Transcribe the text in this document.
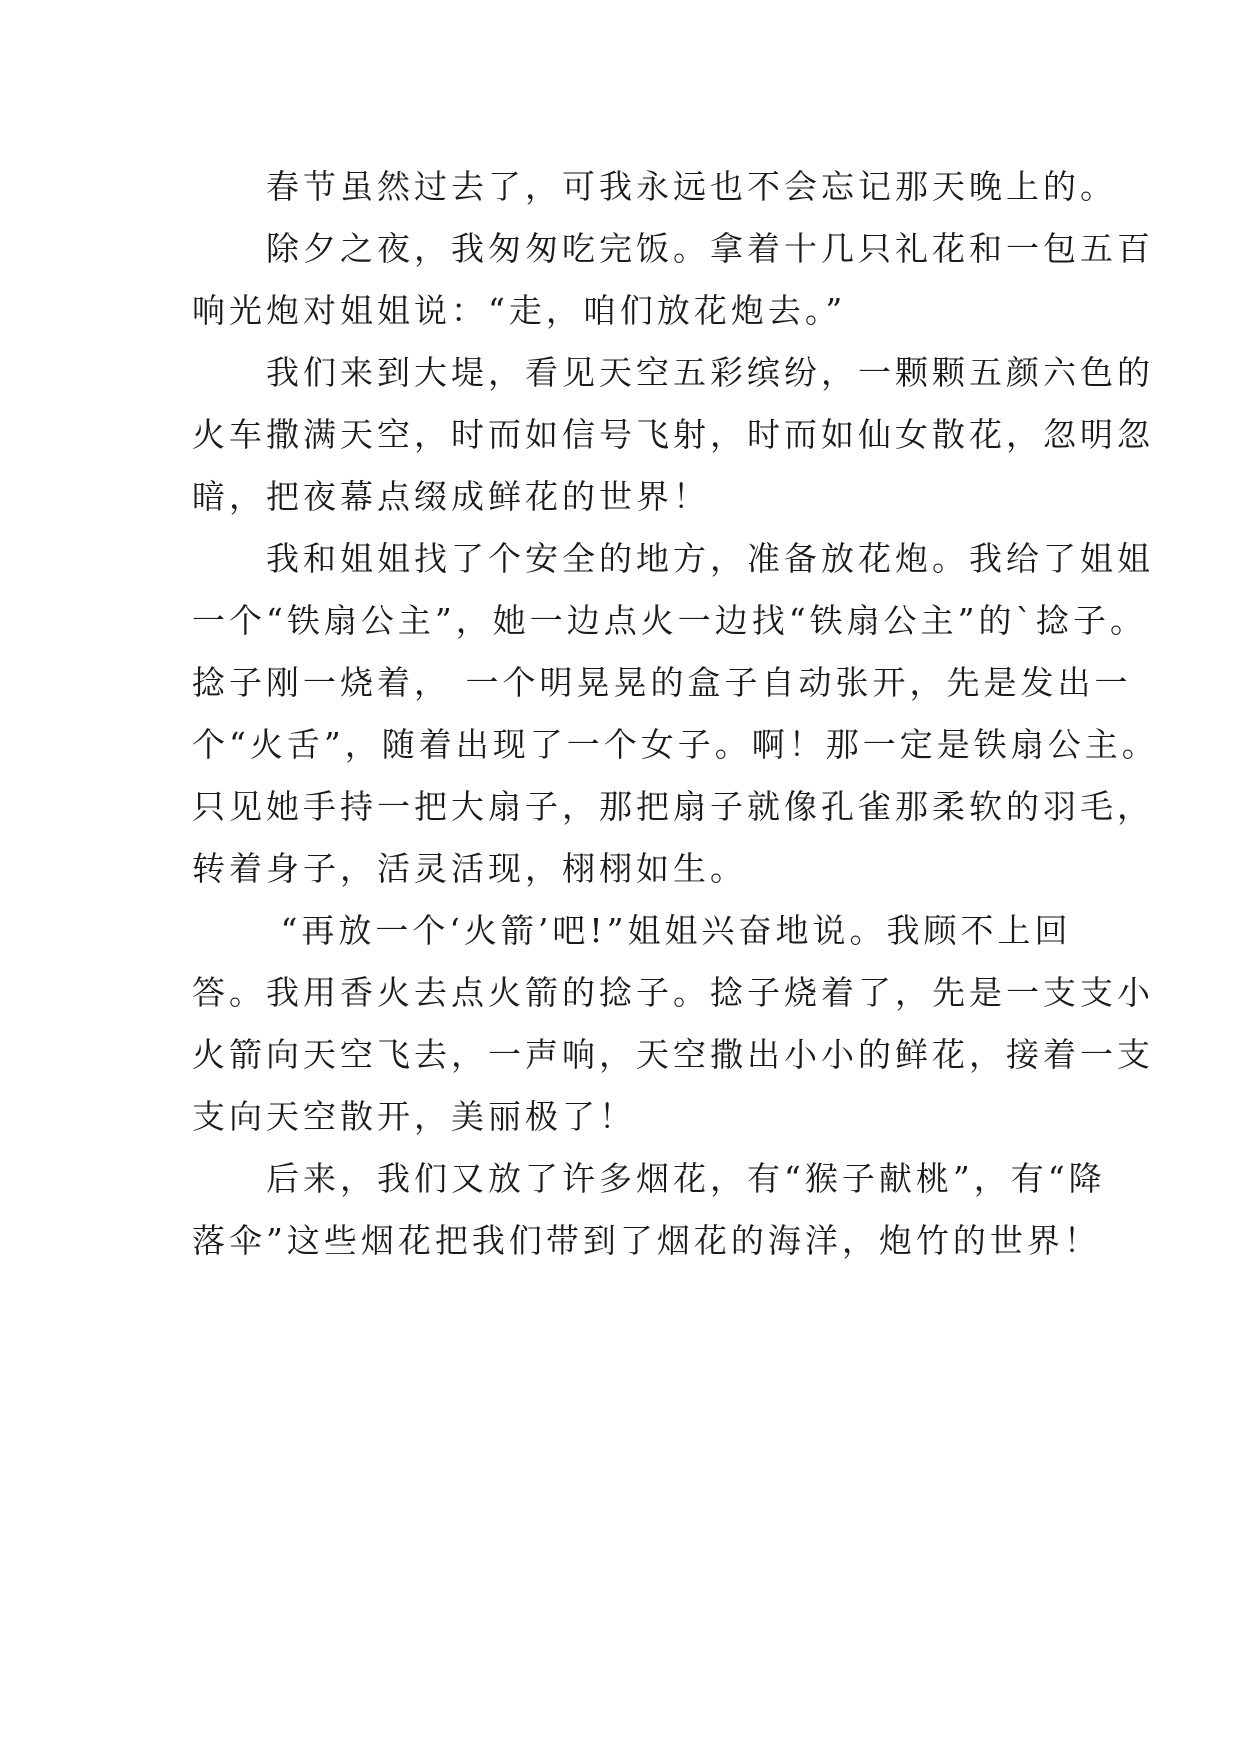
　　春节虽然过去了，可我永远也不会忘记那天晚上的。
　　除夕之夜，我匆匆吃完饭。拿着十几只礼花和一包五百
响光炮对姐姐说：“走，咱们放花炮去。”
　　我们来到大堤，看见天空五彩缤纷，一颗颗五颜六色的
火车撒满天空，时而如信号飞射，时而如仙女散花，忽明忽
暗，把夜幕点缀成鲜花的世界！
　　我和姐姐找了个安全的地方，准备放花炮。我给了姐姐
一个“铁扇公主”，她一边点火一边找“铁扇公主”的`捻子。
捻子刚一烧着， 一个明晃晃的盒子自动张开，先是发出一
个“火舌”，随着出现了一个女子。啊！那一定是铁扇公主。
只见她手持一把大扇子，那把扇子就像孔雀那柔软的羽毛，
转着身子，活灵活现，栩栩如生。
　　 “再放一个‘火箭’吧!”姐姐兴奋地说。我顾不上回
答。我用香火去点火箭的捻子。捻子烧着了，先是一支支小
火箭向天空飞去，一声响，天空撒出小小的鲜花，接着一支
支向天空散开，美丽极了！
　　后来，我们又放了许多烟花，有“猴子献桃”，有“降
落伞”这些烟花把我们带到了烟花的海洋，炮竹的世界！
